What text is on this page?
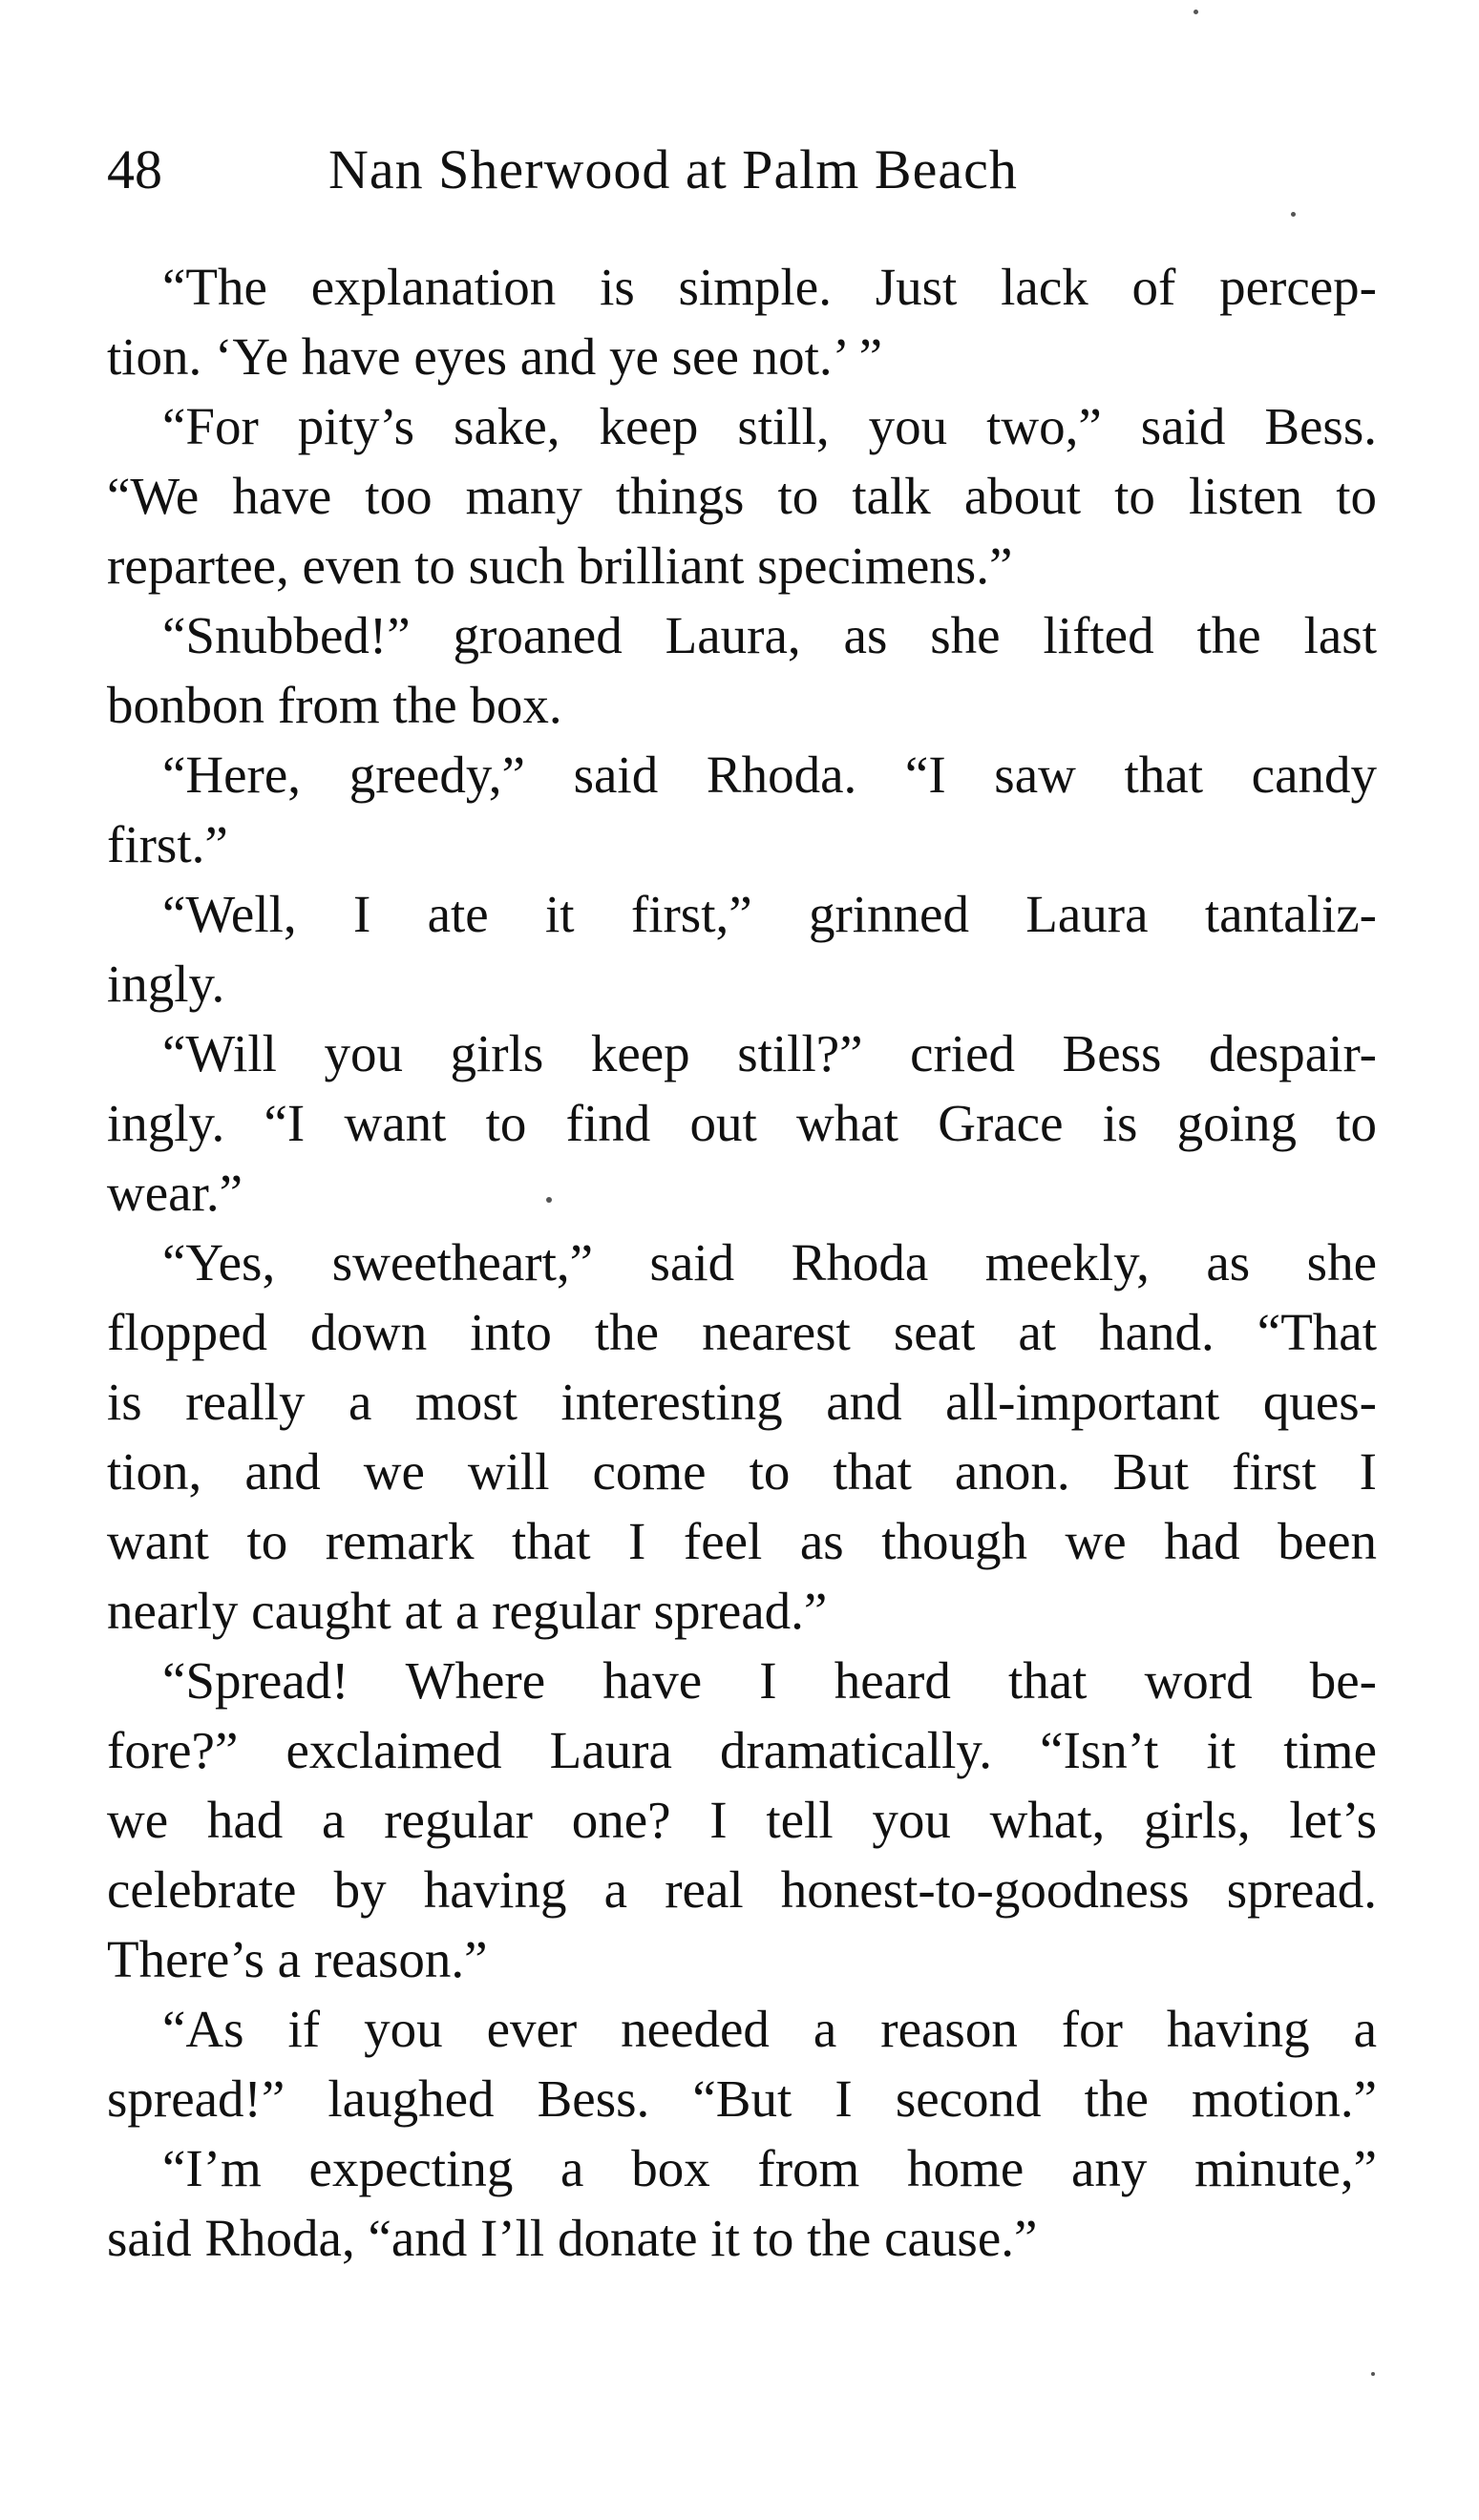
48	Nan Sherwood at Palm Beach
“The explanation is simple. Just lack of percep-
tion. ‘Ye have eyes and ye see not.’ ”
“For pity’s sake, keep still, you two,” said Bess.
“We have too many things to talk about to listen to
repartee, even to such brilliant specimens.”
“Snubbed!” groaned Laura, as she lifted the last
bonbon from the box.
“Here, greedy,” said Rhoda. “I saw that candy
first.”
“Well, I ate it first,” grinned Laura tantaliz-
ingly.
“Will you girls keep still?” cried Bess despair-
ingly. “I want to find out what Grace is going to
wear.”
“Yes, sweetheart,” said Rhoda meekly, as she
flopped down into the nearest seat at hand. “That
is really a most interesting and all-important ques-
tion, and we will come to that anon. But first I
want to remark that I feel as though we had been
nearly caught at a regular spread.”
“Spread! Where have I heard that word be-
fore?” exclaimed Laura dramatically. “Isn’t it time
we had a regular one? I tell you what, girls, let’s
celebrate by having a real honest-to-goodness spread.
There’s a reason.”
“As if you ever needed a reason for having a
spread!” laughed Bess. “But I second the motion.”
“I’m expecting a box from home any minute,”
said Rhoda, “and I’ll donate it to the cause.”
